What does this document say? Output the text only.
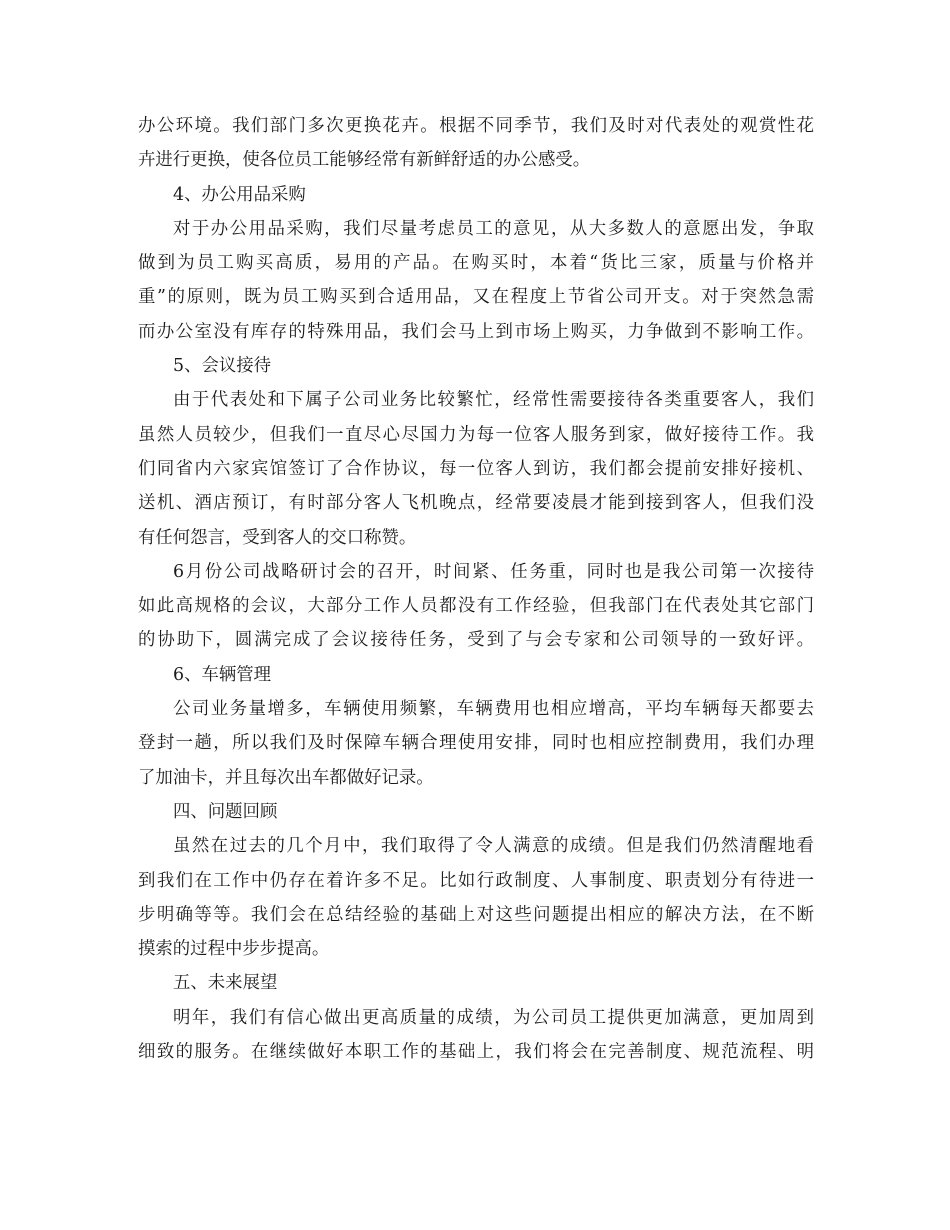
办公环境。我们部门多次更换花卉。根据不同季节，我们及时对代表处的观赏性花

卉进行更换，使各位员工能够经常有新鲜舒适的办公感受。

4、办公用品采购

对于办公用品采购，我们尽量考虑员工的意见，从大多数人的意愿出发，争取

做到为员工购买高质，易用的产品。在购买时，本着“货比三家，质量与价格并

重”的原则，既为员工购买到合适用品，又在程度上节省公司开支。对于突然急需

而办公室没有库存的特殊用品，我们会马上到市场上购买，力争做到不影响工作。

5、会议接待

由于代表处和下属子公司业务比较繁忙，经常性需要接待各类重要客人，我们

虽然人员较少，但我们一直尽心尽国力为每一位客人服务到家，做好接待工作。我

们同省内六家宾馆签订了合作协议，每一位客人到访，我们都会提前安排好接机、

送机、酒店预订，有时部分客人飞机晚点，经常要凌晨才能到接到客人，但我们没

有任何怨言，受到客人的交口称赞。

6月份公司战略研讨会的召开，时间紧、任务重，同时也是我公司第一次接待

如此高规格的会议，大部分工作人员都没有工作经验，但我部门在代表处其它部门

的协助下，圆满完成了会议接待任务，受到了与会专家和公司领导的一致好评。

6、车辆管理

公司业务量增多，车辆使用频繁，车辆费用也相应增高，平均车辆每天都要去

登封一趟，所以我们及时保障车辆合理使用安排，同时也相应控制费用，我们办理

了加油卡，并且每次出车都做好记录。

四、问题回顾

虽然在过去的几个月中，我们取得了令人满意的成绩。但是我们仍然清醒地看

到我们在工作中仍存在着许多不足。比如行政制度、人事制度、职责划分有待进一

步明确等等。我们会在总结经验的基础上对这些问题提出相应的解决方法，在不断

摸索的过程中步步提高。

五、未来展望

明年，我们有信心做出更高质量的成绩，为公司员工提供更加满意，更加周到

细致的服务。在继续做好本职工作的基础上，我们将会在完善制度、规范流程、明
